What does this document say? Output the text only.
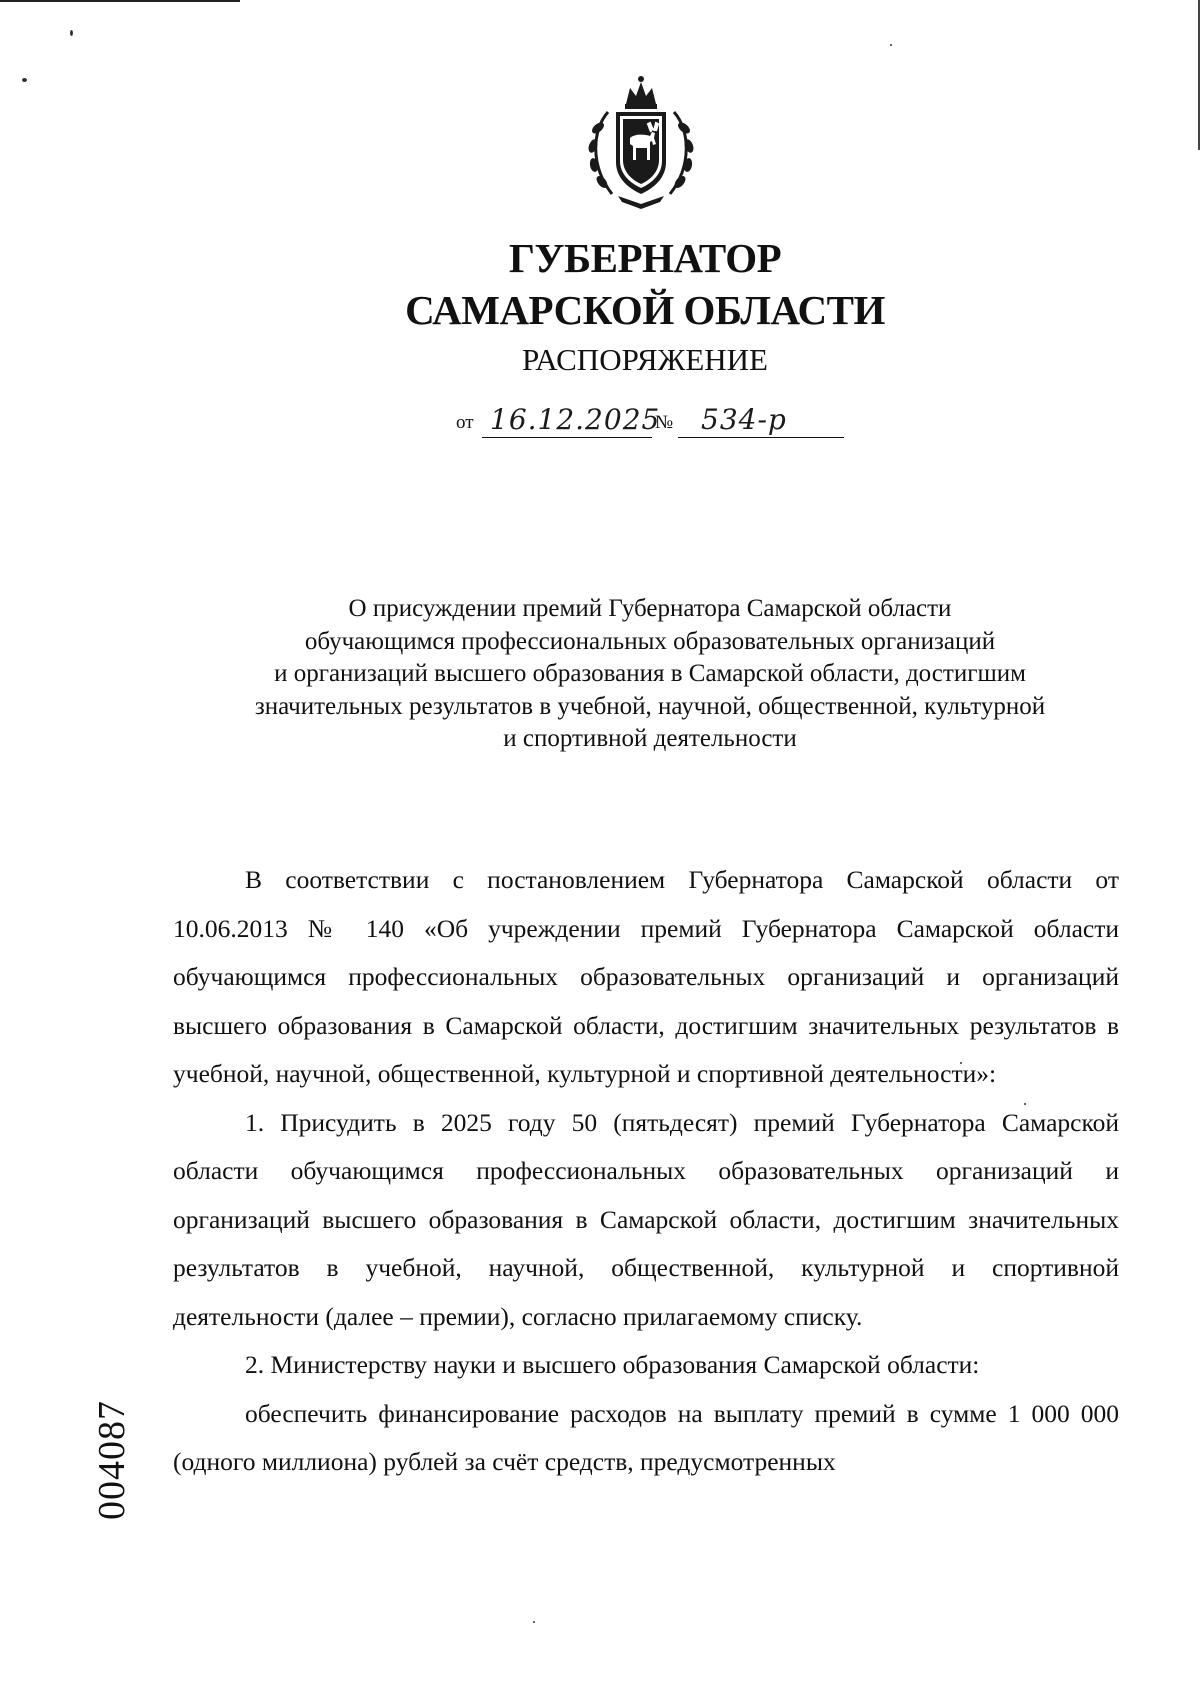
ГУБЕРНАТОР
САМАРСКОЙ ОБЛАСТИ
РАСПОРЯЖЕНИЕ
от 16.12.2025
№ 534-р
О присуждении премий Губернатора Самарской области
обучающимся профессиональных образовательных организаций
и организаций высшего образования в Самарской области, достигшим
значительных результатов в учебной, научной, общественной, культурной
и спортивной деятельности

В соответствии с постановлением Губернатора Самарской области от 10.06.2013 № 140 «Об учреждении премий Губернатора Самарской области обучающимся профессиональных образовательных организаций и организаций высшего образования в Самарской области, достигшим значительных результатов в учебной, научной, общественной, культурной и спортивной деятельности»:

1. Присудить в 2025 году 50 (пятьдесят) премий Губернатора Самарской области обучающимся профессиональных образовательных организаций и организаций высшего образования в Самарской области, достигшим значительных результатов в учебной, научной, общественной, культурной и спортивной деятельности (далее – премии), согласно прилагаемому списку.

2. Министерству науки и высшего образования Самарской области:

обеспечить финансирование расходов на выплату премий в сумме 1 000 000 (одного миллиона) рублей за счёт средств, предусмотренных

004087
